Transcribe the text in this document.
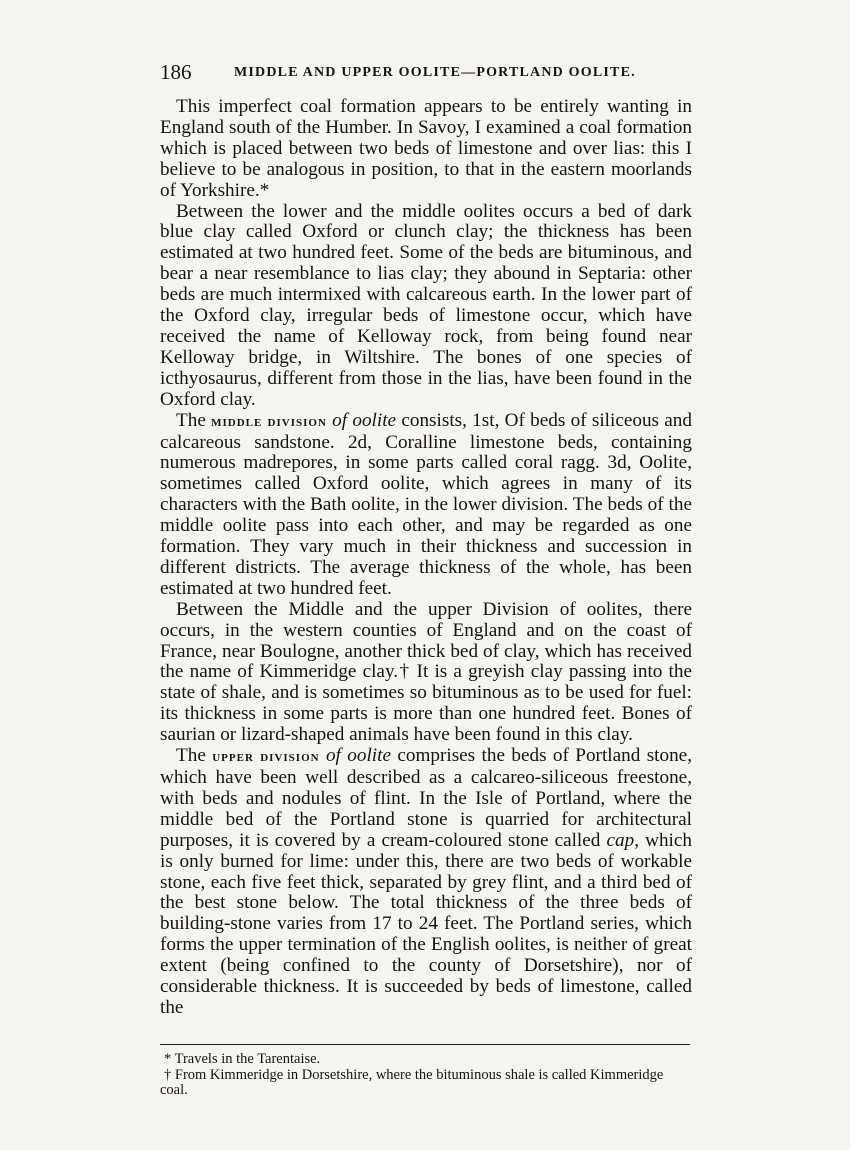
186	MIDDLE AND UPPER OOLITE—PORTLAND OOLITE.

This imperfect coal formation appears to be entirely wanting in England south of the Humber. In Savoy, I examined a coal formation which is placed between two beds of limestone and over lias: this I believe to be analogous in position, to that in the eastern moorlands of Yorkshire.*

Between the lower and the middle oolites occurs a bed of dark blue clay called Oxford or clunch clay; the thickness has been estimated at two hundred feet. Some of the beds are bituminous, and bear a near resemblance to lias clay; they abound in Septaria: other beds are much intermixed with calcareous earth. In the lower part of the Oxford clay, irregular beds of limestone occur, which have received the name of Kelloway rock, from being found near Kelloway bridge, in Wiltshire. The bones of one species of icthyosaurus, different from those in the lias, have been found in the Oxford clay.

The middle division of oolite consists, 1st, Of beds of siliceous and calcareous sandstone. 2d, Coralline limestone beds, containing numerous madrepores, in some parts called coral ragg. 3d, Oolite, sometimes called Oxford oolite, which agrees in many of its characters with the Bath oolite, in the lower division. The beds of the middle oolite pass into each other, and may be regarded as one formation. They vary much in their thickness and succession in different districts. The average thickness of the whole, has been estimated at two hundred feet.

Between the Middle and the upper Division of oolites, there occurs, in the western counties of England and on the coast of France, near Boulogne, another thick bed of clay, which has received the name of Kimmeridge clay.† It is a greyish clay passing into the state of shale, and is sometimes so bituminous as to be used for fuel: its thickness in some parts is more than one hundred feet. Bones of saurian or lizard-shaped animals have been found in this clay.

The upper division of oolite comprises the beds of Portland stone, which have been well described as a calcareo-siliceous freestone, with beds and nodules of flint. In the Isle of Portland, where the middle bed of the Portland stone is quarried for architectural purposes, it is covered by a cream-coloured stone called cap, which is only burned for lime: under this, there are two beds of workable stone, each five feet thick, separated by grey flint, and a third bed of the best stone below. The total thickness of the three beds of building-stone varies from 17 to 24 feet. The Portland series, which forms the upper termination of the English oolites, is neither of great extent (being confined to the county of Dorsetshire), nor of considerable thickness. It is succeeded by beds of limestone, called the

* Travels in the Tarentaise.

† From Kimmeridge in Dorsetshire, where the bituminous shale is called Kimmeridge coal.
